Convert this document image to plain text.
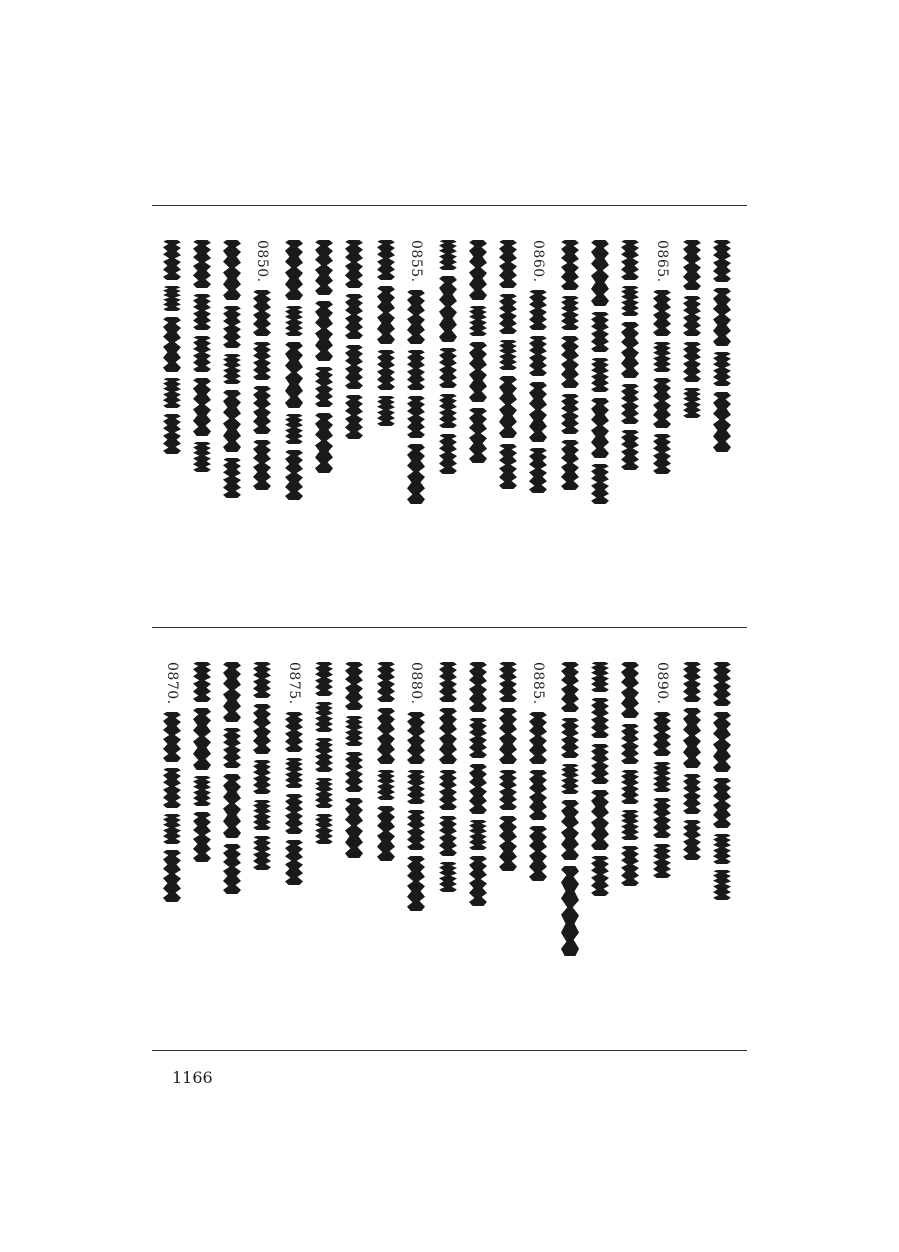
0850.	0855.	0860.	0865.
0870.	0875.	0880.	0885.	0890.
1166
